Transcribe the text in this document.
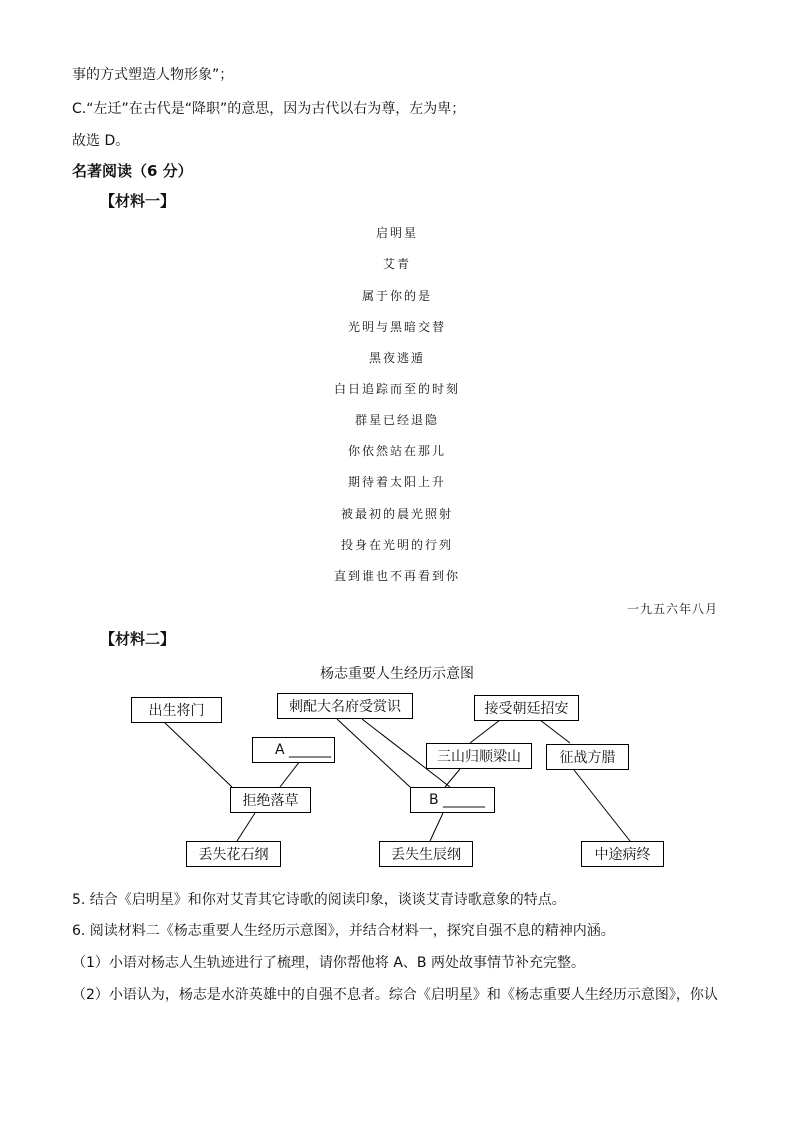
事的方式塑造人物形象”；
C.“左迁”在古代是“降职”的意思，因为古代以右为尊，左为卑；
故选 D。
名著阅读（6 分）
【材料一】
启明星
艾青
属于你的是
光明与黑暗交替
黑夜逃遁
白日追踪而至的时刻
群星已经退隐
你依然站在那儿
期待着太阳上升
被最初的晨光照射
投身在光明的行列
直到谁也不再看到你
一九五六年八月
【材料二】
杨志重要人生经历示意图
出生将门	刺配大名府受赏识	接受朝廷招安
A ______	三山归顺梁山	征战方腊
拒绝落草	B ______
丢失花石纲	丢失生辰纲	中途病终
5. 结合《启明星》和你对艾青其它诗歌的阅读印象，谈谈艾青诗歌意象的特点。
6. 阅读材料二《杨志重要人生经历示意图》，并结合材料一，探究自强不息的精神内涵。
（1）小语对杨志人生轨迹进行了梳理，请你帮他将 A、B 两处故事情节补充完整。
（2）小语认为，杨志是水浒英雄中的自强不息者。综合《启明星》和《杨志重要人生经历示意图》，你认
